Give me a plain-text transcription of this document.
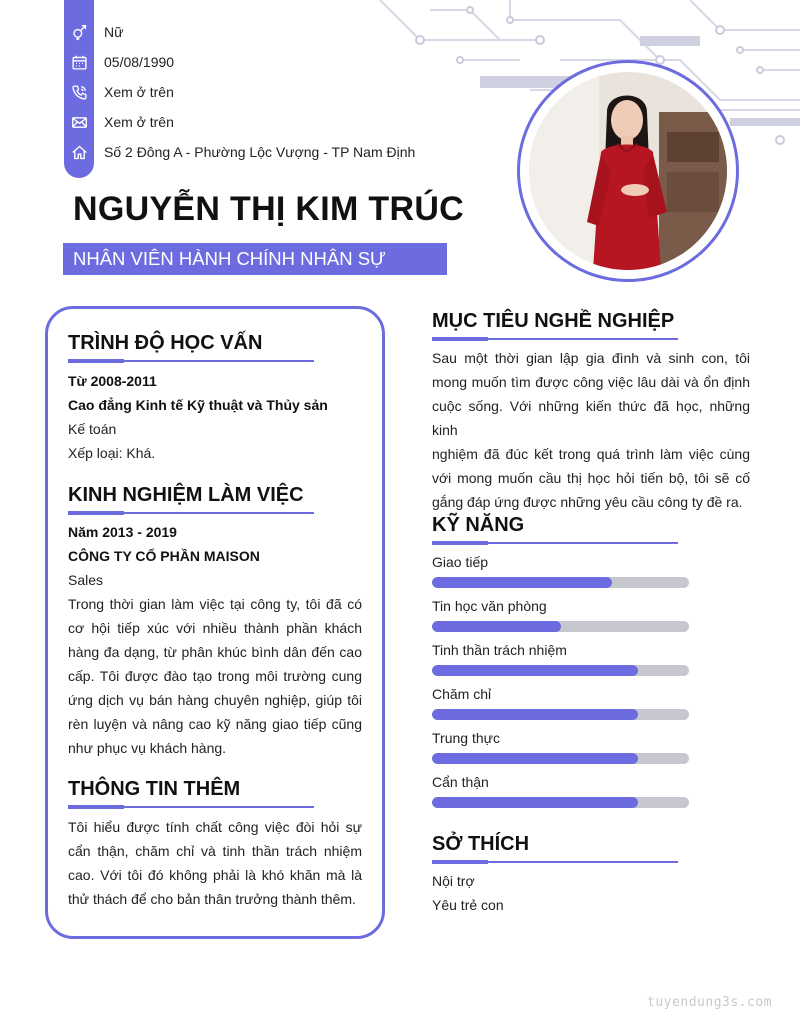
Nữ
05/08/1990
Xem ở trên
Xem ở trên
Số 2 Đông A - Phường Lộc Vượng - TP Nam Định
NGUYỄN THỊ KIM TRÚC
NHÂN VIÊN HÀNH CHÍNH NHÂN SỰ
TRÌNH ĐỘ HỌC VẤN
Từ 2008-2011
Cao đẳng Kinh tế Kỹ thuật và Thủy sản
Kế toán
Xếp loại: Khá.
KINH NGHIỆM LÀM VIỆC
Năm 2013 - 2019
CÔNG TY CỔ PHẦN MAISON
Sales
Trong thời gian làm việc tại công ty, tôi đã có
cơ hội tiếp xúc với nhiều thành phần khách
hàng đa dạng, từ phân khúc bình dân đến cao
cấp. Tôi được đào tạo trong môi trường cung
ứng dịch vụ bán hàng chuyên nghiệp, giúp tôi
rèn luyện và nâng cao kỹ năng giao tiếp cũng
như phục vụ khách hàng.
THÔNG TIN THÊM
Tôi hiểu được tính chất công việc đòi hỏi sự
cẩn thận, chăm chỉ và tinh thần trách nhiệm
cao. Với tôi đó không phải là khó khăn mà là
thử thách để cho bản thân trưởng thành thêm.
MỤC TIÊU NGHỀ NGHIỆP
Sau một thời gian lập gia đình và sinh con, tôi
mong muốn tìm được công việc lâu dài và ổn định
cuộc sống. Với những kiến thức đã học, những kinh
nghiệm đã đúc kết trong quá trình làm việc cùng
với mong muốn cầu thị học hỏi tiến bộ, tôi sẽ cố
gắng đáp ứng được những yêu cầu công ty đề ra.
KỸ NĂNG
Giao tiếp
Tin học văn phòng
Tinh thần trách nhiệm
Chăm chỉ
Trung thực
Cẩn thận
SỞ THÍCH
Nội trợ
Yêu trẻ con
tuyendung3s.com
